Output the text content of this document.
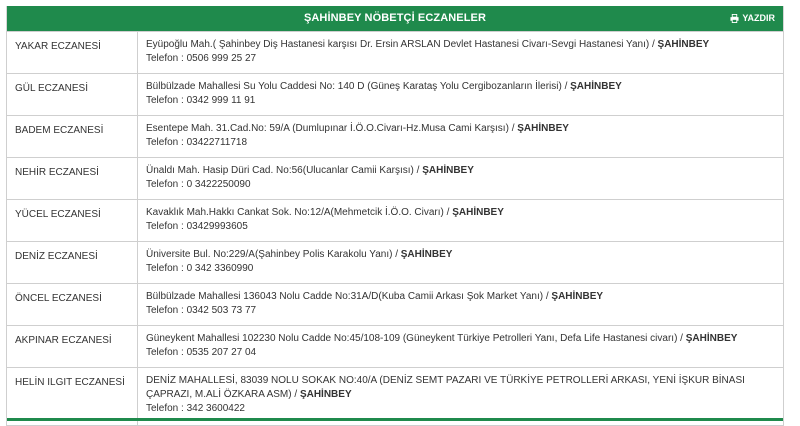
ŞAHİNBEY NÖBETÇİ ECZANELER	YAZDIR
YAKAR ECZANESİ	Eyüpoğlu Mah.( Şahinbey Diş Hastanesi karşısı Dr. Ersin ARSLAN Devlet Hastanesi Civarı-Sevgi Hastanesi Yanı) / ŞAHİNBEY
Telefon : 0506 999 25 27
GÜL ECZANESİ	Bülbülzade Mahallesi Su Yolu Caddesi No: 140 D (Güneş Karataş Yolu Cergibozanların İlerisi) / ŞAHİNBEY
Telefon : 0342 999 11 91
BADEM ECZANESİ	Esentepe Mah. 31.Cad.No: 59/A (Dumlupınar İ.Ö.O.Civarı-Hz.Musa Cami Karşısı) / ŞAHİNBEY
Telefon : 03422711718
NEHİR ECZANESİ	Ünaldı Mah. Hasip Düri Cad. No:56(Ulucanlar Camii Karşısı) / ŞAHİNBEY
Telefon : 0 3422250090
YÜCEL ECZANESİ	Kavaklık Mah.Hakkı Cankat Sok. No:12/A(Mehmetcik İ.Ö.O. Civarı) / ŞAHİNBEY
Telefon : 03429993605
DENİZ ECZANESİ	Üniversite Bul. No:229/A(Şahinbey Polis Karakolu Yanı) / ŞAHİNBEY
Telefon : 0 342 3360990
ÖNCEL ECZANESİ	Bülbülzade Mahallesi 136043 Nolu Cadde No:31A/D(Kuba Camii Arkası Şok Market Yanı) / ŞAHİNBEY
Telefon : 0342 503 73 77
AKPINAR ECZANESİ	Güneykent Mahallesi 102230 Nolu Cadde No:45/108-109 (Güneykent Türkiye Petrolleri Yanı, Defa Life Hastanesi civarı) / ŞAHİNBEY
Telefon : 0535 207 27 04
HELİN ILGIT ECZANESİ	DENİZ MAHALLESİ, 83039 NOLU SOKAK NO:40/A (DENİZ SEMT PAZARI VE TÜRKİYE PETROLLERİ ARKASI, YENİ İŞKUR BİNASI ÇAPRAZI, M.ALİ ÖZKARA ASM) / ŞAHİNBEY
Telefon : 342 3600422
